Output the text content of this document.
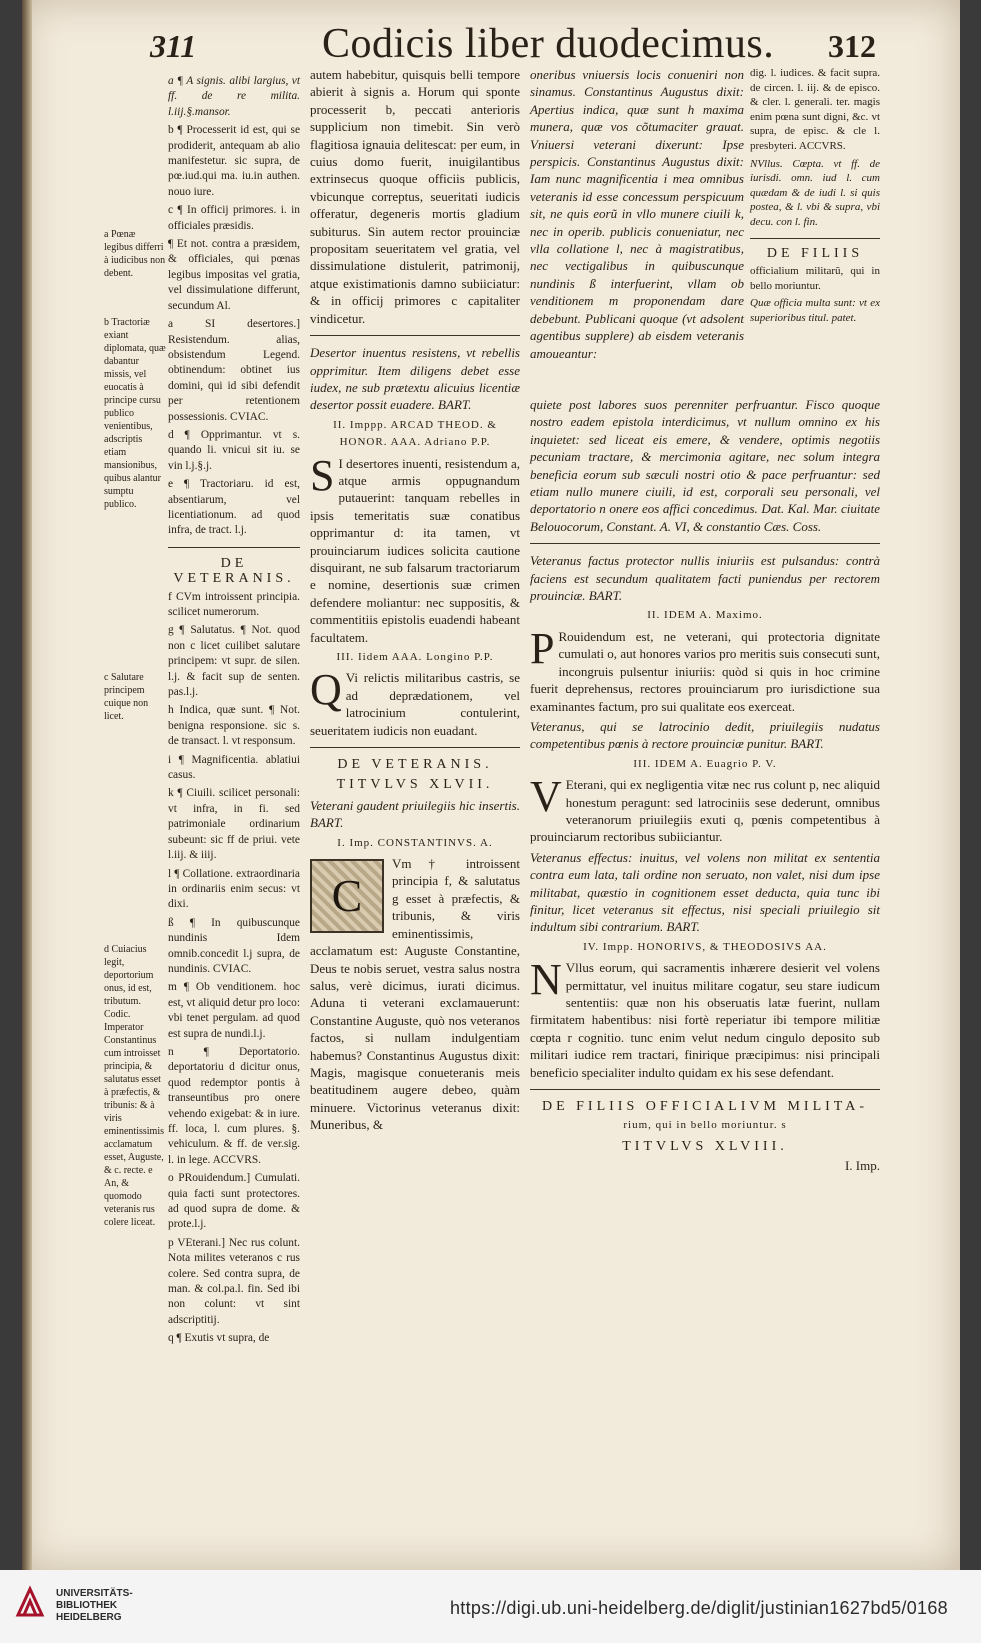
311	Codicis liber duodecimus. 312

a Pœnæ legibus differri à iudicibus non debent.

b Tractoriæ exiant diplomata, quæ dabantur missis, vel euocatis à principe cursu publico venientibus, adscriptis etiam mansionibus, quibus alantur sumptu publico.

c Salutare principem cuique non licet.

d Cuiacius legit, deportorium onus, id est, tributum. Codic. Imperator Constantinus cum introisset principia, & salutatus esset à præfectis, & tribunis: & à viris eminentissimis acclamatum esset, Auguste, & c. recte. e An, & quomodo veteranis rus colere liceat.

a ¶ A signis. alibi largius, vt ff. de re milita. l.iij.§.mansor.

b ¶ Processerit id est, qui se prodiderit, antequam ab alio manifestetur. sic supra, de pœ.iud.qui ma. iu.in authen. nouo iure.

c ¶ In officij primores. i. in officiales præsidis.

¶ Et not. contra a præsidem, & officiales, qui pœnas legibus impositas vel gratia, vel dissimulatione differunt, secundum Al.

a SI desertores.] Resistendum. alias, obsistendum Legend. obtinendum: obtinet ius domini, qui id sibi defendit per retentionem possessionis. CVIAC.

d ¶ Opprimantur. vt s. quando li. vnicui sit iu. se vin l.j.§.j.

e ¶ Tractoriaru. id est, absentiarum, vel licentiationum. ad quod infra, de tract. l.j.

DE VETERANIS.

f CVm introissent principia. scilicet numerorum.

g ¶ Salutatus. ¶ Not. quod non c licet cuilibet salutare principem: vt supr. de silen. l.j. & facit sup de senten. pas.l.j.

h Indica, quæ sunt. ¶ Not. benigna responsione. sic s. de transact. l. vt responsum.

i ¶ Magnificentia. ablatiui casus.

k ¶ Ciuili. scilicet personali: vt infra, in fi. sed patrimoniale ordinarium subeunt: sic ff de priui. vete l.iij. & iiij.

l ¶ Collatione. extraordinaria in ordinariis enim secus: vt dixi.

ß ¶ In quibuscunque nundinis Idem omnib.concedit l.j supra, de nundinis. CVIAC.

m ¶ Ob venditionem. hoc est, vt aliquid detur pro loco: vbi tenet pergulam. ad quod est supra de nundi.l.j.

n ¶ Deportatorio. deportatoriu d dicitur onus, quod redemptor pontis à transeuntibus pro onere vehendo exigebat: & in iure. ff. loca, l. cum plures. §. vehiculum. & ff. de ver.sig. l. in lege. ACCVRS.

o PRouidendum.] Cumulati. quia facti sunt protectores. ad quod supra de dome. & prote.l.j.

p VEterani.] Nec rus colunt. Nota milites veteranos c rus colere. Sed contra supra, de man. & col.pa.l. fin. Sed ibi non colunt: vt sint adscriptitij.

q ¶ Exutis vt supra, de

autem habebitur, quisquis belli tempore abierit à signis a. Horum qui sponte processerit b, peccati anterioris supplicium non timebit. Sin verò flagitiosa ignauia delitescat: per eum, in cuius domo fuerit, inuigilantibus extrinsecus quoque officiis publicis, vbicunque correptus, seueritati iudicis offeratur, degeneris mortis gladium subiturus. Sin autem rector prouinciæ propositam seueritatem vel gratia, vel dissimulatione distulerit, patrimonij, atque existimationis damno subiiciatur: & in officij primores c capitaliter vindicetur.

Desertor inuentus resistens, vt rebellis opprimitur. Item diligens debet esse iudex, ne sub prætextu alicuius licentiæ desertor possit euadere. BART.

II. Imppp. ARCAD THEOD. & HONOR. AAA. Adriano P.P.

S I desertores inuenti, resistendum a, atque armis oppugnandum putauerint: tanquam rebelles in ipsis temeritatis suæ conatibus opprimantur d: ita tamen, vt prouinciarum iudices solicita cautione disquirant, ne sub falsarum tractoriarum e nomine, desertionis suæ crimen defendere moliantur: nec suppositis, & commentitiis epistolis euadendi habeant facultatem.

III. Iidem AAA. Longino P.P.

Q Vi relictis militaribus castris, se ad deprædationem, vel latrocinium contulerint, seueritatem iudicis non euadant.

DE VETERANIS.

TITVLVS XLVII.

Veterani gaudent priuilegiis hic insertis. BART.

I. Imp. CONSTANTINVS. A.

C
Vm † introissent principia f, & salutatus g esset à præfectis, & tribunis, & viris eminentissimis, acclamatum est: Auguste Constantine, Deus te nobis seruet, vestra salus nostra salus, verè dicimus, iurati dicimus. Aduna ti veterani exclamauerunt: Constantine Auguste, quò nos veteranos factos, si nullam indulgentiam habemus? Constantinus Augustus dixit: Magis, magisque conueteranis meis beatitudinem augere debeo, quàm minuere. Victorinus veteranus dixit: Muneribus, &

oneribus vniuersis locis conueniri non sinamus. Constantinus Augustus dixit: Apertius indica, quæ sunt h maxima munera, quæ vos cõtumaciter grauat. Vniuersi veterani dixerunt: Ipse perspicis. Constantinus Augustus dixit: Iam nunc magnificentia i mea omnibus veteranis id esse concessum perspicuum sit, ne quis eorũ in vllo munere ciuili k, nec in operib. publicis conueniatur, nec vlla collatione l, nec à magistratibus, nec vectigalibus in quibuscunque nundinis ß interfuerint, vllam ob venditionem m proponendam dare debebunt. Publicani quoque (vt adsolent agentibus supplere) ab eisdem veteranis amoueantur:

dig. l. iudices. & facit supra. de circen. l. iij. & de episco. & cler. l. generali. ter. magis enim pœna sunt digni, &c. vt supra, de episc. & cle l. presbyteri. ACCVRS.

NVllus. Cœpta. vt ff. de iurisdi. omn. iud l. cum quædam & de iudi l. si quis postea, & l. vbi & supra, vbi decu. con l. fin.

DE FILIIS

officialium militarũ, qui in bello moriuntur.

Quæ officia multa sunt: vt ex superioribus titul. patet.

quiete post labores suos perenniter perfruantur. Fisco quoque nostro eadem epistola interdicimus, vt nullum omnino ex his inquietet: sed liceat eis emere, & vendere, optimis negotiis pecuniam tractare, & mercimonia agitare, nec solum integra beneficia eorum sub sæculi nostri otio & pace perfruantur: sed etiam nullo munere ciuili, id est, corporali seu personali, vel deportatorio n onere eos affici concedimus. Dat. Kal. Mar. ciuitate Belouocorum, Constant. A. VI, & constantio Cæs. Coss.

Veteranus factus protector nullis iniuriis est pulsandus: contrà faciens est secundum qualitatem facti puniendus per rectorem prouinciæ. BART.

II. IDEM A. Maximo.

P Rouidendum est, ne veterani, qui protectoria dignitate cumulati o, aut honores varios pro meritis suis consecuti sunt, incongruis pulsentur iniuriis: quòd si quis in hoc crimine fuerit deprehensus, rectores prouinciarum pro iurisdictione sua examinantes factum, pro sui qualitate eos exerceat.

Veteranus, qui se latrocinio dedit, priuilegiis nudatus competentibus pœnis à rectore prouinciæ punitur. BART.

III. IDEM A. Euagrio P. V.

V Eterani, qui ex negligentia vitæ nec rus colunt p, nec aliquid honestum peragunt: sed latrociniis sese dederunt, omnibus veteranorum priuilegiis exuti q, pœnis competentibus à prouinciarum rectoribus subiiciantur.

Veteranus effectus: inuitus, vel volens non militat ex sententia contra eum lata, tali ordine non seruato, non valet, nisi dum ipse militabat, quæstio in cognitionem esset deducta, quia tunc ibi finitur, licet veteranus sit effectus, nisi speciali priuilegio sit indultum sibi contrarium. BART.

IV. Impp. HONORIVS, & THEODOSIVS AA.

N Vllus eorum, qui sacramentis inhærere desierit vel volens permittatur, vel inuitus militare cogatur, seu stare iudicum sententiis: quæ non his obseruatis latæ fuerint, nullam firmitatem habentibus: nisi fortè reperiatur ibi tempore militiæ cœpta r cognitio. tunc enim velut nedum cingulo deposito sub militari iudice rem tractari, finirique præcipimus: nisi principali beneficio specialiter indulto quidam ex his sese defendant.

DE FILIIS OFFICIALIVM MILITA-

rium, qui in bello moriuntur. s

TITVLVS XLVIII.

I. Imp.

UNIVERSITÄTS-
BIBLIOTHEK
HEIDELBERG	https://digi.ub.uni-heidelberg.de/diglit/justinian1627bd5/0168
